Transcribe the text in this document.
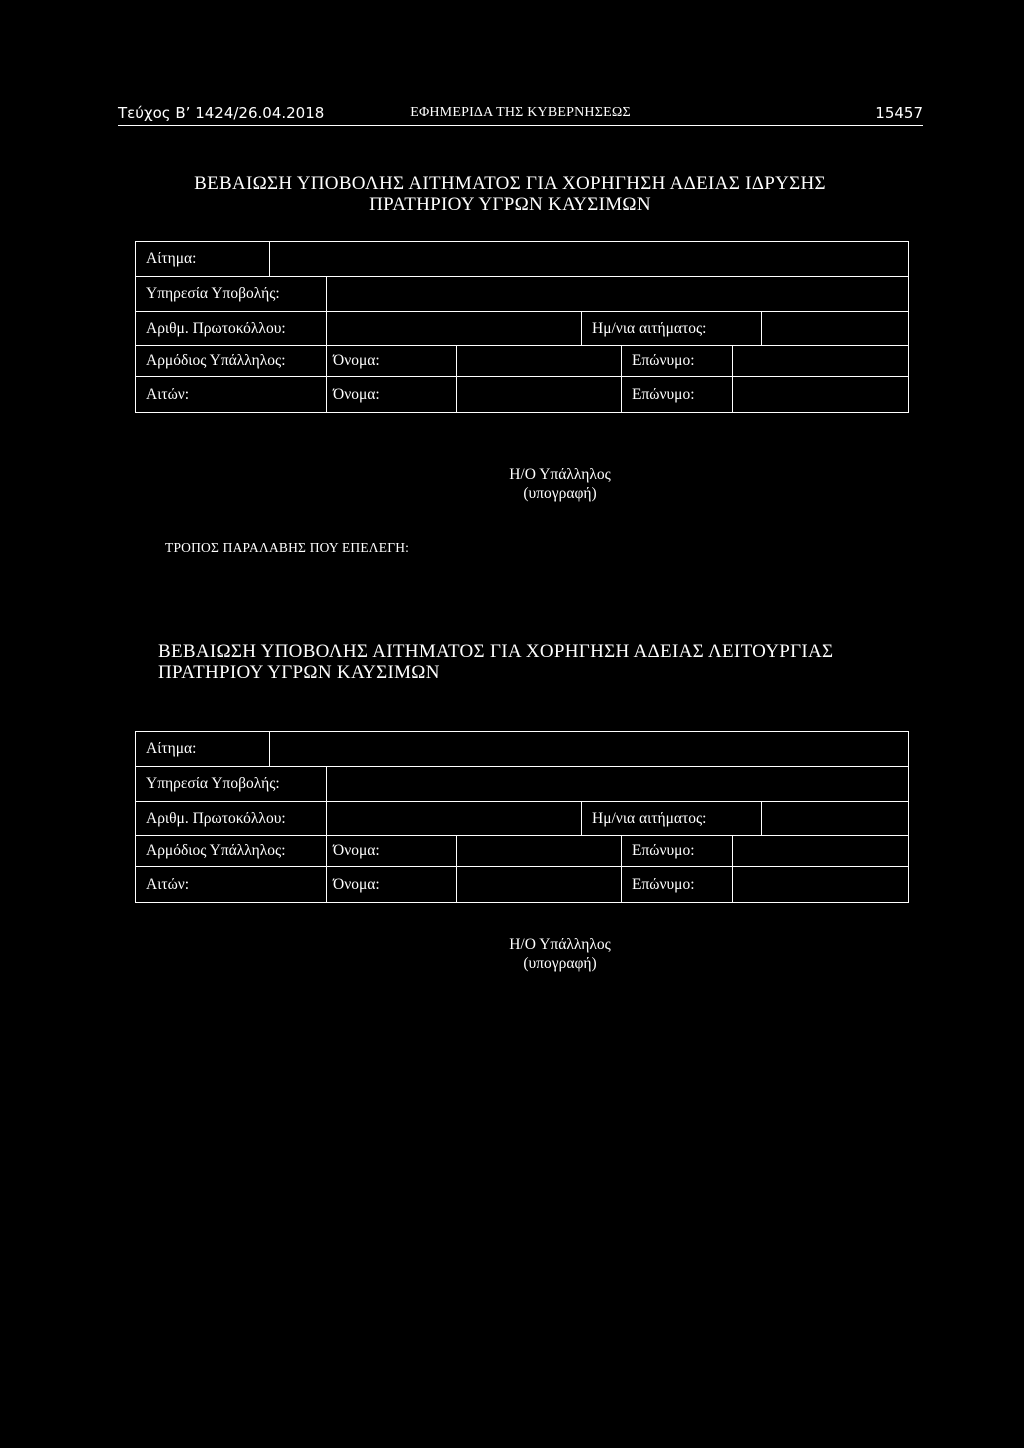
Τεύχος Β’ 1424/26.04.2018	ΕΦΗΜΕΡΙΔΑ ΤΗΣ ΚΥΒΕΡΝΗΣΕΩΣ	15457
ΒΕΒΑΙΩΣΗ ΥΠΟΒΟΛΗΣ ΑΙΤΗΜΑΤΟΣ ΓΙΑ ΧΟΡΗΓΗΣΗ ΑΔΕΙΑΣ ΙΔΡΥΣΗΣ
ΠΡΑΤΗΡΙΟΥ ΥΓΡΩΝ ΚΑΥΣΙΜΩΝ
Αίτημα:
Υπηρεσία Υποβολής:
Αριθμ. Πρωτοκόλλου:	Ημ/νια αιτήματος:
Αρμόδιος Υπάλληλος:	Όνομα:	Επώνυμο:
Αιτών:	Όνομα:	Επώνυμο:
Η/Ο Υπάλληλος
(υπογραφή)
ΤΡΟΠΟΣ ΠΑΡΑΛΑΒΗΣ ΠΟΥ ΕΠΕΛΕΓΗ:
ΒΕΒΑΙΩΣΗ ΥΠΟΒΟΛΗΣ ΑΙΤΗΜΑΤΟΣ ΓΙΑ ΧΟΡΗΓΗΣΗ ΑΔΕΙΑΣ ΛΕΙΤΟΥΡΓΙΑΣ
ΠΡΑΤΗΡΙΟΥ ΥΓΡΩΝ ΚΑΥΣΙΜΩΝ
Αίτημα:
Υπηρεσία Υποβολής:
Αριθμ. Πρωτοκόλλου:	Ημ/νια αιτήματος:
Αρμόδιος Υπάλληλος:	Όνομα:	Επώνυμο:
Αιτών:	Όνομα:	Επώνυμο:
Η/Ο Υπάλληλος
(υπογραφή)
